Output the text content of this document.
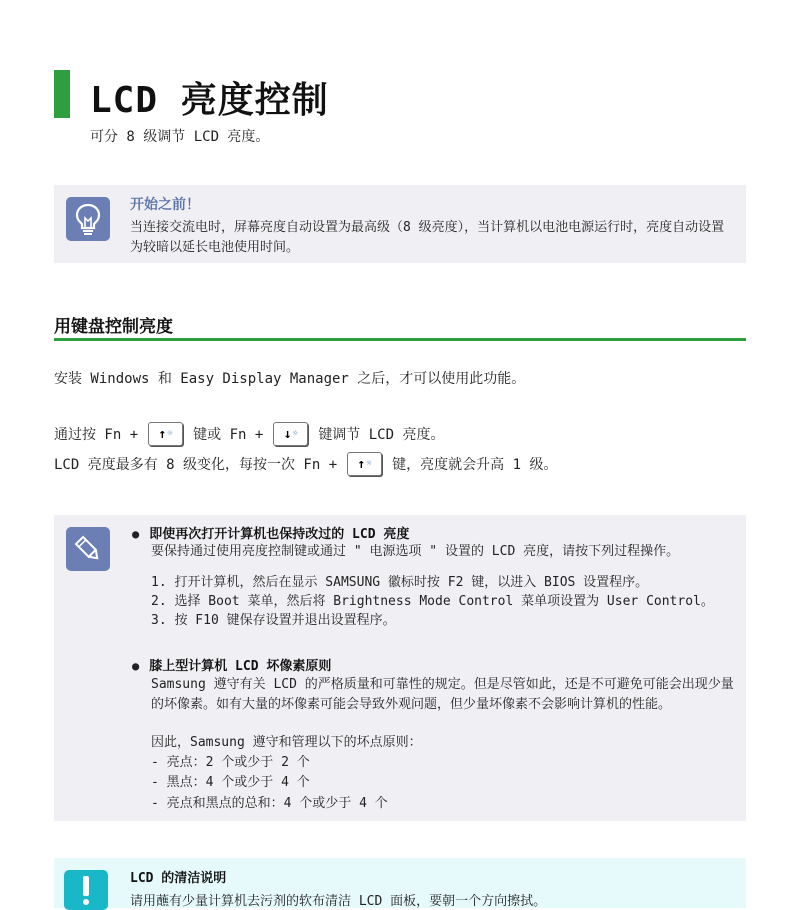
LCD 亮度控制
可分 8 级调节 LCD 亮度。
开始之前！
当连接交流电时，屏幕亮度自动设置为最高级（8 级亮度），当计算机以电池电源运行时，亮度自动设置为较暗以延长电池使用时间。
用键盘控制亮度
安装 Windows 和 Easy Display Manager 之后，才可以使用此功能。
通过按 Fn + ↑ ☼ 键或 Fn + ↓ ☼ 键调节 LCD 亮度。
LCD 亮度最多有 8 级变化，每按一次 Fn + ↑ ☼ 键，亮度就会升高 1 级。
● 即使再次打开计算机也保持改过的 LCD 亮度
要保持通过使用亮度控制键或通过 " 电源选项 " 设置的 LCD 亮度，请按下列过程操作。
1. 打开计算机，然后在显示 SAMSUNG 徽标时按 F2 键，以进入 BIOS 设置程序。
2. 选择 Boot 菜单，然后将 Brightness Mode Control 菜单项设置为 User Control。
3. 按 F10 键保存设置并退出设置程序。
● 膝上型计算机 LCD 坏像素原则
Samsung 遵守有关 LCD 的严格质量和可靠性的规定。但是尽管如此，还是不可避免可能会出现少量的坏像素。如有大量的坏像素可能会导致外观问题，但少量坏像素不会影响计算机的性能。
因此，Samsung 遵守和管理以下的坏点原则：
- 亮点：2 个或少于 2 个
- 黑点：4 个或少于 4 个
- 亮点和黑点的总和：4 个或少于 4 个
LCD 的清洁说明
请用蘸有少量计算机去污剂的软布清洁 LCD 面板，要朝一个方向擦拭。
